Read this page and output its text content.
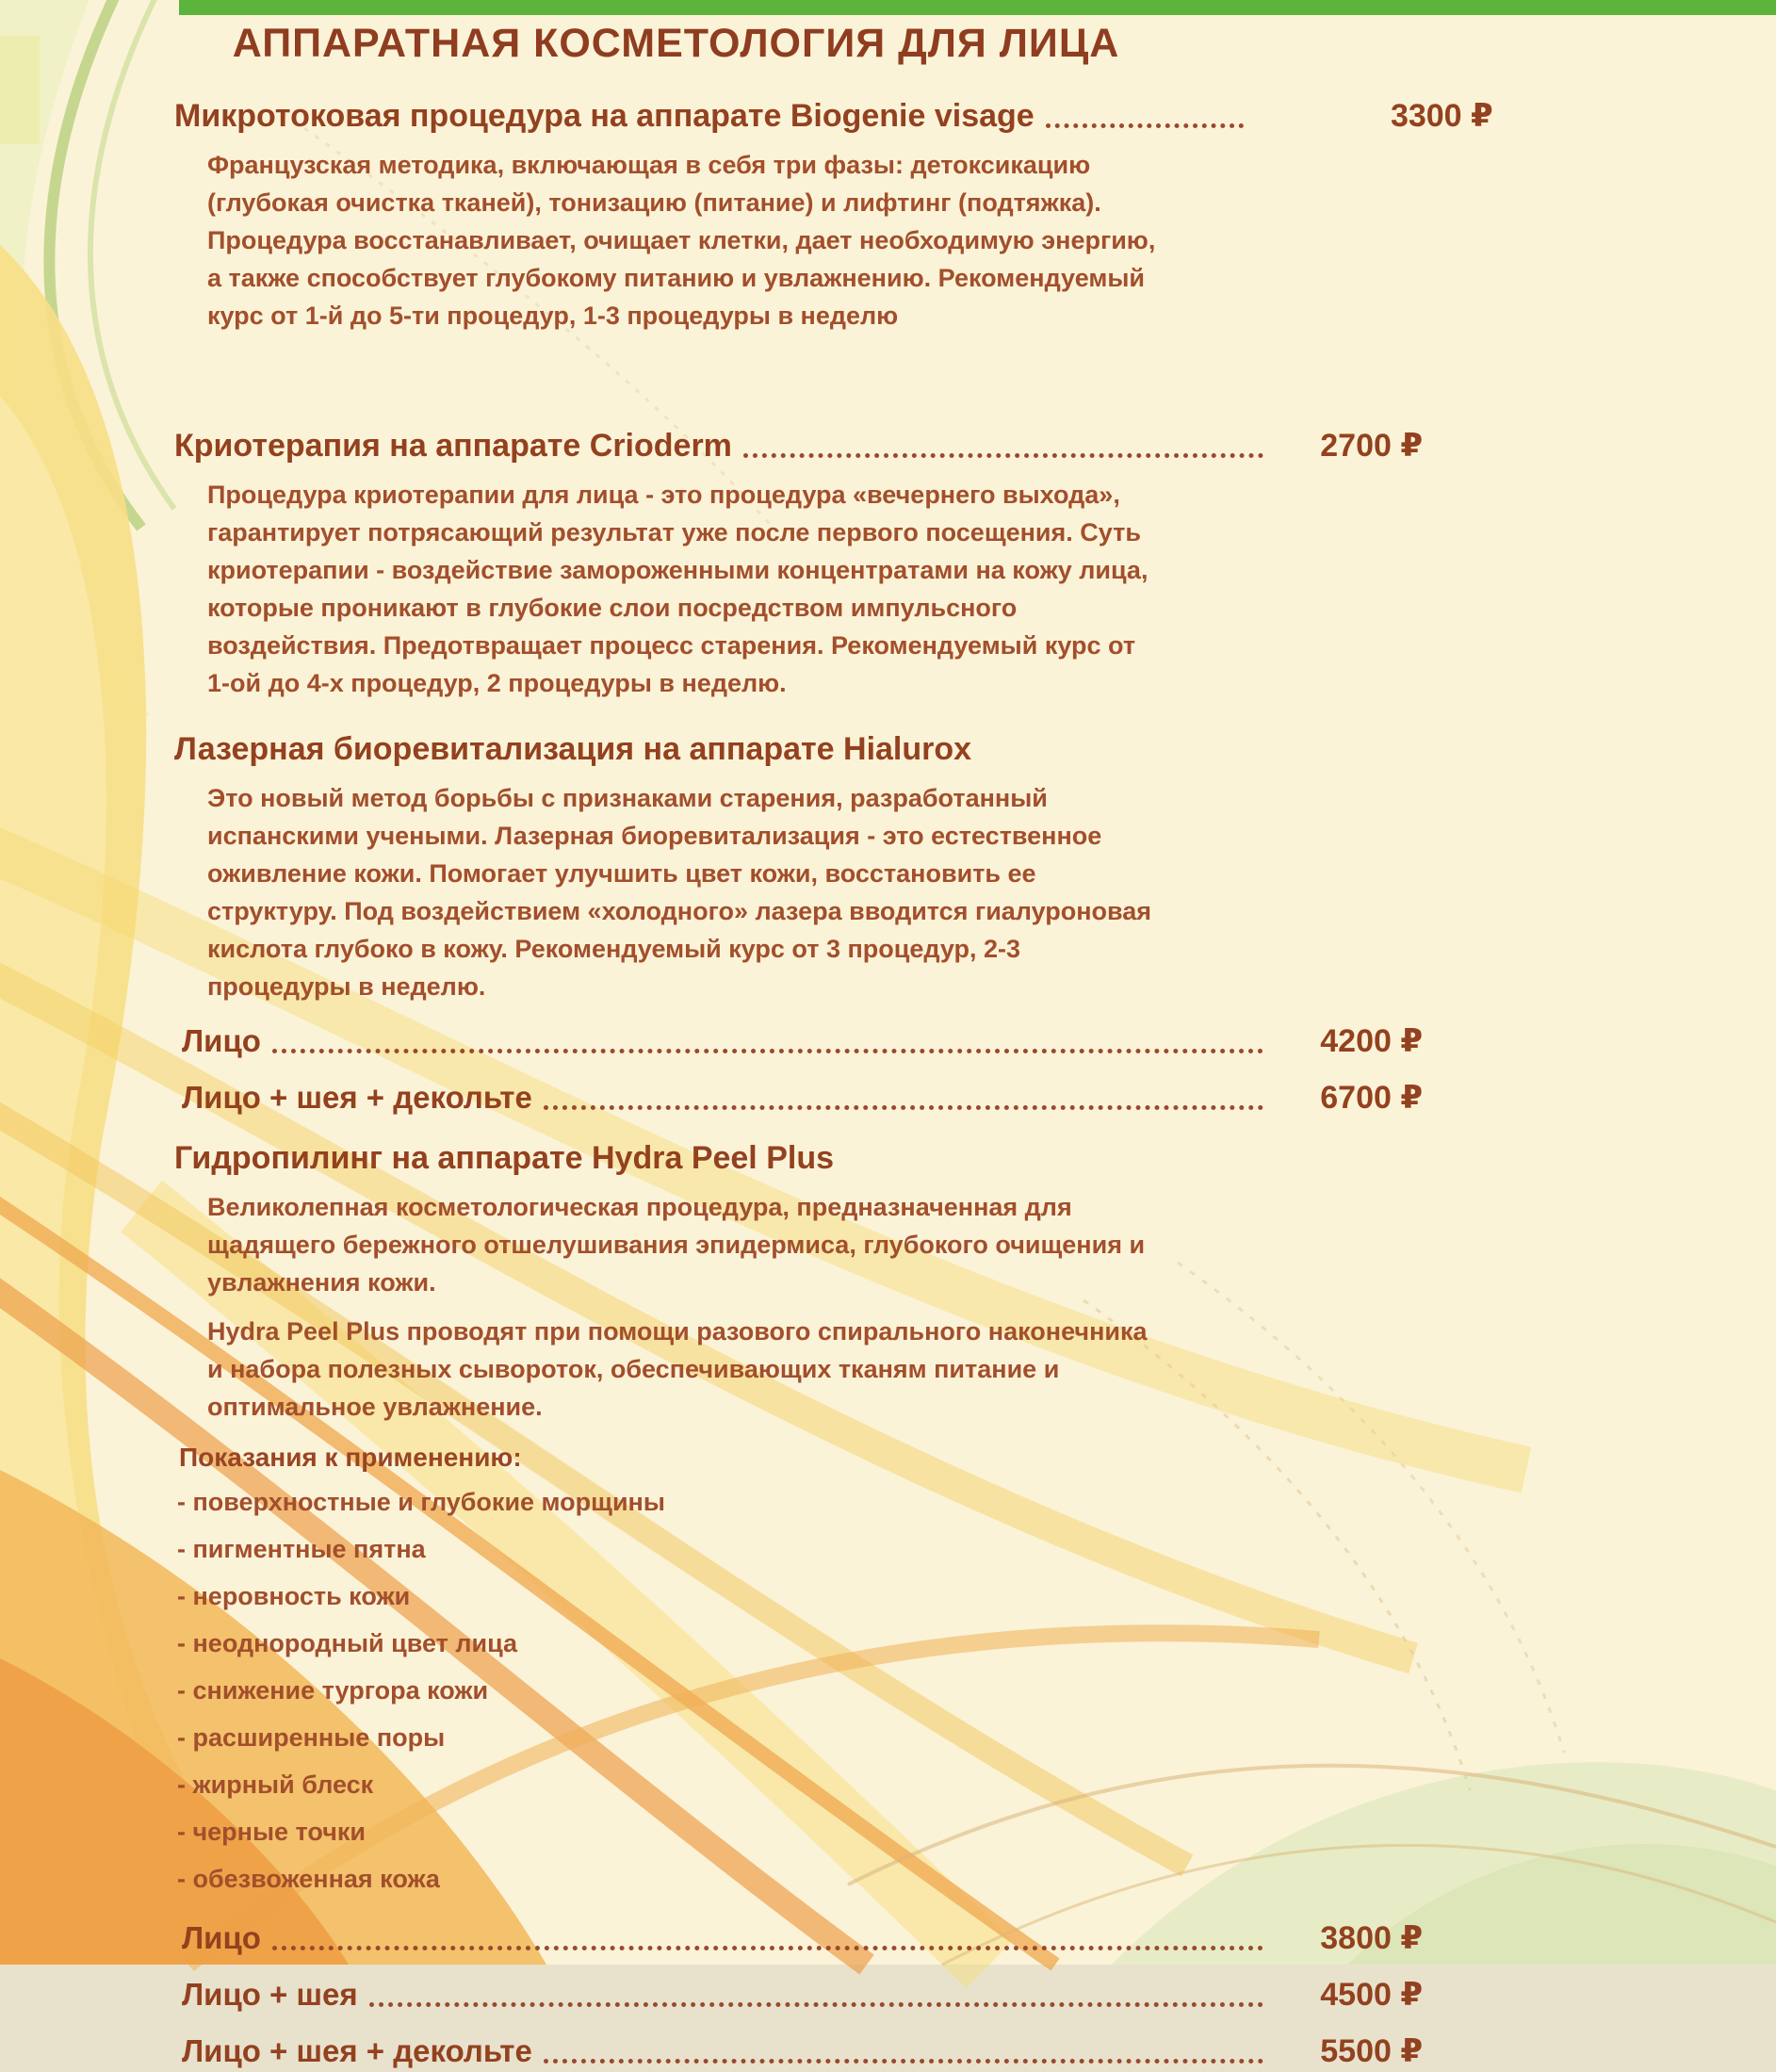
АППАРАТНАЯ КОСМЕТОЛОГИЯ ДЛЯ ЛИЦА
Микротоковая процедура на аппарате Biogenie visage	3300 ₽

Французская методика, включающая в себя три фазы: детоксикацию (глубокая очистка тканей), тонизацию (питание) и лифтинг (подтяжка). Процедура восстанавливает, очищает клетки, дает необходимую энергию, а также способствует глубокому питанию и увлажнению. Рекомендуемый курс от 1-й до 5-ти процедур, 1-3 процедуры в неделю

Криотерапия на аппарате Crioderm	2700 ₽

Процедура криотерапии для лица - это процедура «вечернего выхода», гарантирует потрясающий результат уже после первого посещения. Суть криотерапии - воздействие замороженными концентратами на кожу лица, которые проникают в глубокие слои посредством импульсного воздействия. Предотвращает процесс старения. Рекомендуемый курс от 1-ой до 4-х процедур, 2 процедуры в неделю.

Лазерная биоревитализация на аппарате Hialurox

Это новый метод борьбы с признаками старения, разработанный испанскими учеными. Лазерная биоревитализация - это естественное оживление кожи. Помогает улучшить цвет кожи, восстановить ее структуру. Под воздействием «холодного» лазера вводится гиалуроновая кислота глубоко в кожу. Рекомендуемый курс от 3 процедур, 2-3 процедуры в неделю.

Лицо	4200 ₽
Лицо + шея + декольте	6700 ₽
Гидропилинг на аппарате Hydra Peel Plus

Великолепная косметологическая процедура, предназначенная для щадящего бережного отшелушивания эпидермиса, глубокого очищения и увлажнения кожи.

Hydra Peel Plus проводят при помощи разового спирального наконечника и набора полезных сывороток, обеспечивающих тканям питание и оптимальное увлажнение.

Показания к применению:
- поверхностные и глубокие морщины
- пигментные пятна
- неровность кожи
- неоднородный цвет лица
- снижение тургора кожи
- расширенные поры
- жирный блеск
- черные точки
- обезвоженная кожа
Лицо	3800 ₽
Лицо + шея	4500 ₽
Лицо + шея + декольте	5500 ₽
